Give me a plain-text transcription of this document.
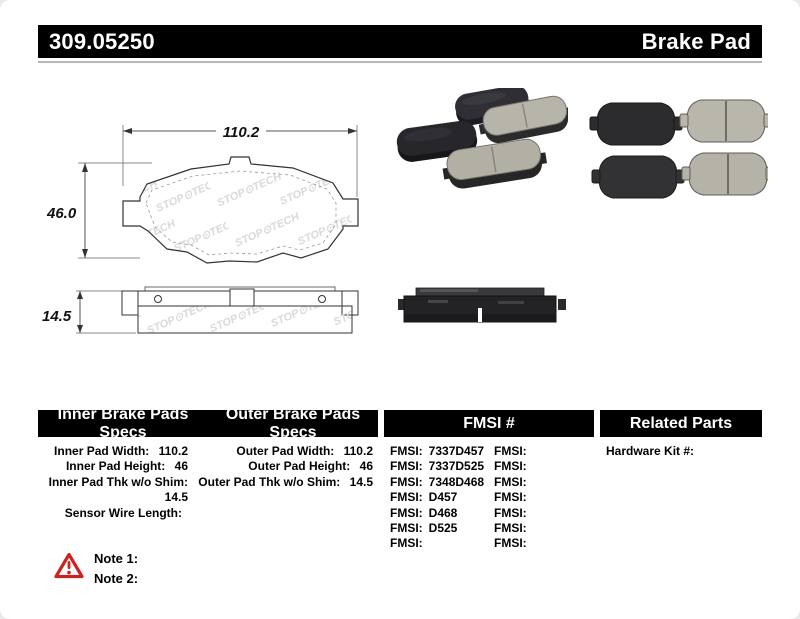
309.05250	Brake Pad
110.2
46.0
14.5
Inner Brake Pads Specs
Outer Brake Pads Specs
FMSI #	Related Parts
Inner Pad Width: 110.2
Inner Pad Height: 46
Inner Pad Thk w/o Shim: 14.5
Sensor Wire Length:
Outer Pad Width: 110.2
Outer Pad Height: 46
Outer Pad Thk w/o Shim: 14.5
FMSI: 7337D457
FMSI: 7337D525
FMSI: 7348D468
FMSI: D457
FMSI: D468
FMSI: D525
FMSI:
FMSI:
FMSI:
FMSI:
FMSI:
FMSI:
FMSI:
FMSI:
Hardware Kit #:
Note 1:
Note 2:
